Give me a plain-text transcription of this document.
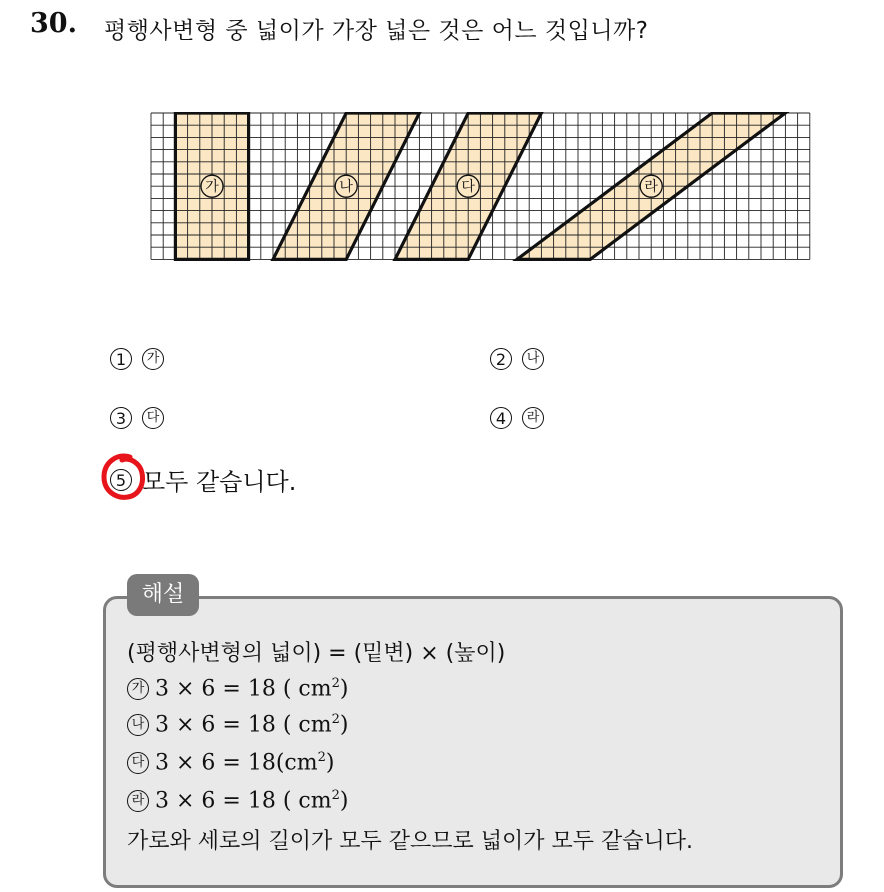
30. 평행사변형 중 넓이가 가장 넓은 것은 어느 것입니까?
가	나	다	라
1	가	2	나
3	다	4	라
5 모두 같습니다.
해설
(평행사변형의 넓이) = (밑변) × (높이)
가 3 × 6 = 18 ( $cm^2$)
나 3 × 6 = 18 ( $cm^2$)
다 $3 \times 6 = 18(cm^2)$
라 3 × 6 = 18 ( $cm^2$)
가로와 세로의 길이가 모두 같으므로 넓이가 모두 같습니다.
